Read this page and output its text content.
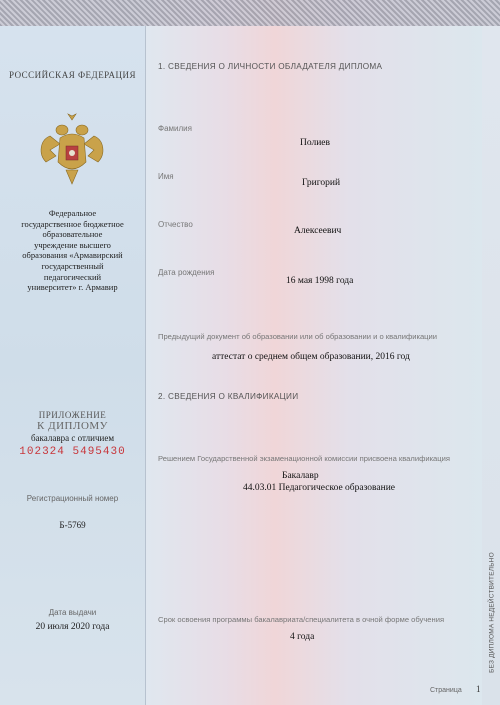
РОССИЙСКАЯ ФЕДЕРАЦИЯ
Федеральное государственное бюджетное образовательное учреждение высшего образования «Армавирский государственный педагогический университет» г. Армавир
ПРИЛОЖЕНИЕ
К ДИПЛОМУ
бакалавра с отличием
102324 5495430
Регистрационный номер
Б-5769
Дата выдачи
20 июля 2020 года
1. СВЕДЕНИЯ О ЛИЧНОСТИ ОБЛАДАТЕЛЯ ДИПЛОМА
Фамилия
Полиев
Имя
Григорий
Отчество
Алексеевич
Дата рождения
16 мая 1998 года
Предыдущий документ об образовании или об образовании и о квалификации
аттестат о среднем общем образовании, 2016 год
2. СВЕДЕНИЯ О КВАЛИФИКАЦИИ
Решением Государственной экзаменационной комиссии присвоена квалификация
Бакалавр
44.03.01 Педагогическое образование
Срок освоения программы бакалавриата/специалитета в очной форме обучения
4 года	БЕЗ ДИПЛОМА НЕДЕЙСТВИТЕЛЬНО
Страница 1
